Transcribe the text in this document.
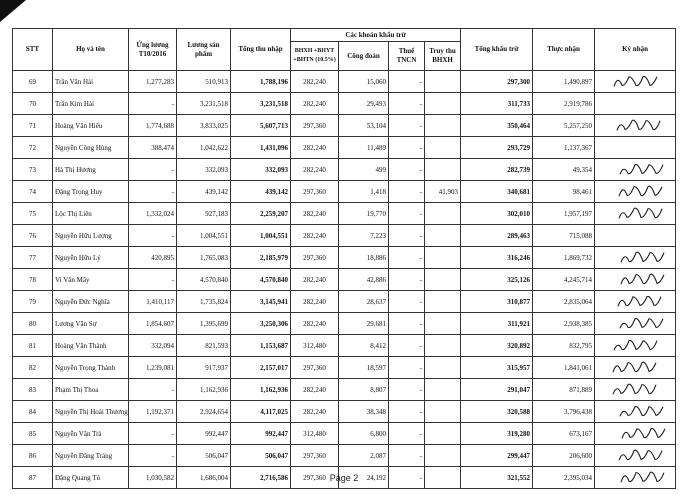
STT	Họ và tên	Ứng lương T10/2016	Lương sản phẩm	Tổng thu nhập	Các khoản khấu trừ				Tổng khấu trừ	Thực nhận	Ký nhận
					BHXH +BHYT +BHTN (10.5%)	Công đoàn	Thuế TNCN	Truy thu BHXH			
69	Trần Văn Hải	1,277,283	510,913	1,788,196	282,240	15,060	-		297,300	1,490,897	

70	Trần Kim Hải	-	3,231,518	3,231,518	282,240	29,493	-		311,733	2,919,786	
71	Hoàng Văn Hiếu	1,774,688	3,833,025	5,607,713	297,360	53,104	-		350,464	5,257,250	

72	Nguyễn Công Hùng	388,474	1,042,622	1,431,096	282,240	11,489	-		293,729	1,137,367	
73	Hà Thị Hương	-	332,093	332,093	282,240	499	-		282,739	49,354	

74	Đặng Trọng Huy	-	439,142	439,142	297,360	1,418	-	41,903	340,681	98,461	

75	Lộc Thị Liên	1,332,024	927,183	2,259,207	282,240	19,770	-		302,010	1,957,197	

76	Nguyễn Hữu Lượng	-	1,004,551	1,004,551	282,240	7,223	-		289,463	715,088	
77	Nguyễn Hữu Lý	420,895	1,765,083	2,185,979	297,360	18,886	-		316,246	1,869,732	

78	Vi Văn Mây	-	4,570,840	4,570,840	282,240	42,886	-		325,126	4,245,714	

79	Nguyễn Đức Nghĩa	1,410,117	1,735,824	3,145,941	282,240	28,637	-		310,877	2,835,064	

80	Lương Văn Sự	1,854,607	1,395,699	3,250,306	282,240	29,681	-		311,921	2,938,385	

81	Hoàng Văn Thành	332,094	821,593	1,153,687	312,480	8,412	-		320,892	832,795	

82	Nguyễn Trọng Thành	1,239,081	917,937	2,157,017	297,360	18,597	-		315,957	1,841,061	

83	Phạm Thị Thoa	-	1,162,936	1,162,936	282,240	8,807	-		291,047	871,889	

84	Nguyễn Thị Hoài Thương	1,192,371	2,924,654	4,117,025	282,240	38,348	-		320,588	3,796,438	

85	Nguyễn Văn Trà	-	992,447	992,447	312,480	6,800	-		319,280	673,167	

86	Nguyễn Đăng Tráng	-	506,047	506,047	297,360	2,087	-		299,447	206,600	

87	Đặng Quang Tú	1,030,582	1,686,004	2,716,586	297,360	24,192	-		321,552	2,395,034	
Page 2
